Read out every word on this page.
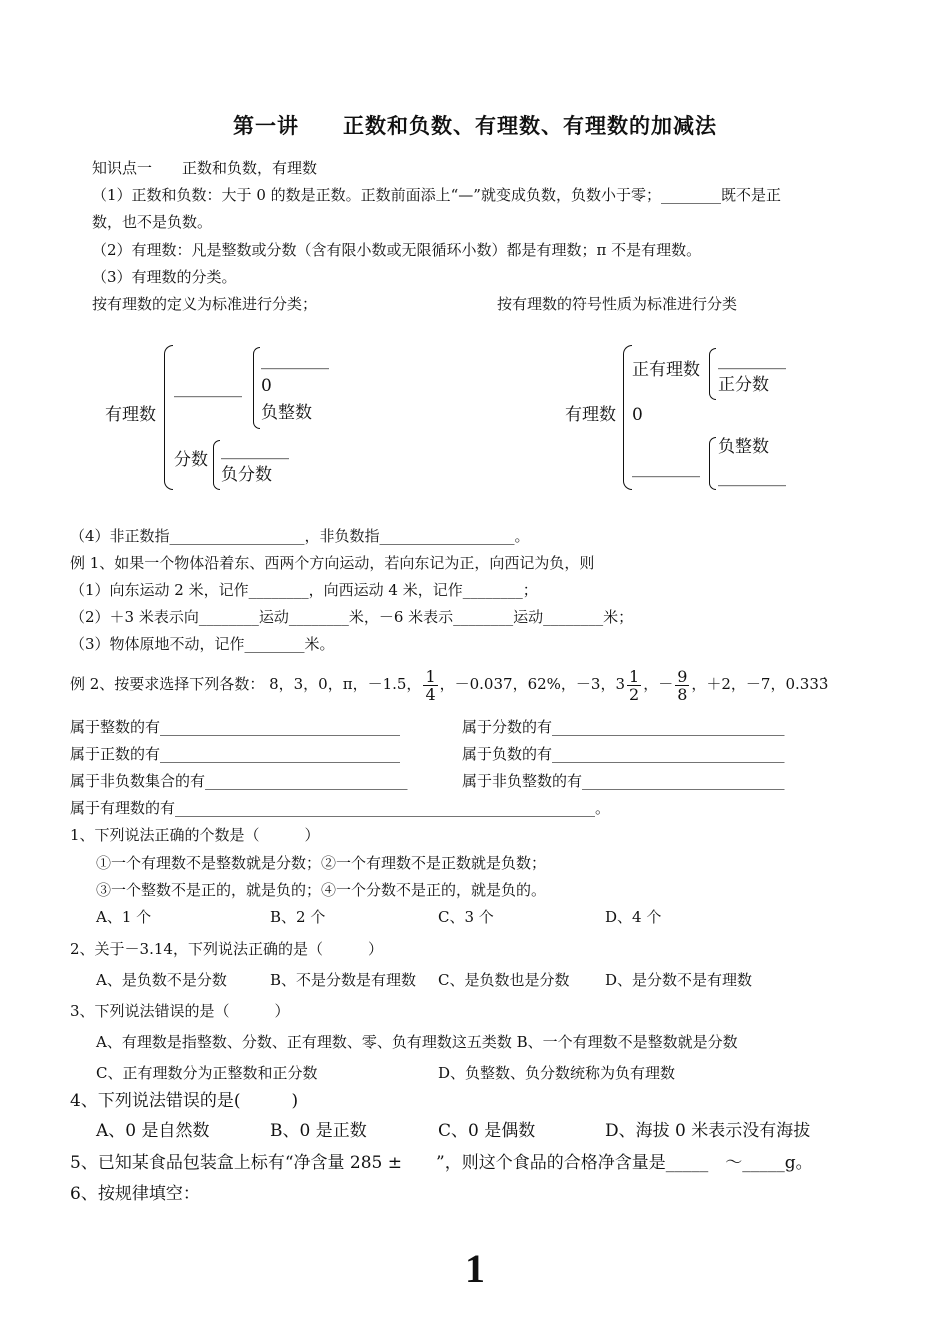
第一讲　　正数和负数、有理数、有理数的加减法
知识点一　　正数和负数，有理数
（1）正数和负数：大于 0 的数是正数。正数前面添上“—”就变成负数，负数小于零；________既不是正
数，也不是负数。
（2）有理数：凡是整数或分数（含有限小数或无限循环小数）都是有理数；π 不是有理数。
（3）有理数的分类。
按有理数的定义为标准进行分类；	按有理数的符号性质为标准进行分类
有理数
________
________
0
负整数
分数 ________
负分数
有理数
正有理数 ________
正分数
0
________
负整数
________
（4）非正数指__________________，非负数指__________________。
例 1、如果一个物体沿着东、西两个方向运动，若向东记为正，向西记为负，则
（1）向东运动 2 米，记作________，向西运动 4 米，记作________；
（2）＋3 米表示向________运动________米，－6 米表示________运动________米；
（3）物体原地不动，记作________米。
例 2、按要求选择下列各数： 8，3，0，π，－1.5， $\frac{1}{4}$ ，－0.037，62%，－3，$3 \frac{1}{2}$ ，－ $\frac{9}{8}$ ，＋2，－7，0.333̇
属于整数的有________________________________	属于分数的有_______________________________
属于正数的有________________________________	属于负数的有_______________________________
属于非负数集合的有___________________________	属于非负整数的有___________________________
属于有理数的有________________________________________________________。
1、下列说法正确的个数是（　　　）
①一个有理数不是整数就是分数；②一个有理数不是正数就是负数；
③一个整数不是正的，就是负的；④一个分数不是正的，就是负的。
A、1 个	B、2 个	C、3 个	D、4 个
2、关于－3.14，下列说法正确的是（　　　）
A、是负数不是分数	B、不是分数是有理数 C、是负数也是分数 D、是分数不是有理数
3、下列说法错误的是（　　　）
A、有理数是指整数、分数、正有理数、零、负有理数这五类数 B、一个有理数不是整数就是分数
C、正有理数分为正整数和正分数	D、负整数、负分数统称为负有理数
4、下列说法错误的是(　　　)
A、0 是自然数	B、0 是正数	C、0 是偶数	D、海拔 0 米表示没有海拔
5、已知某食品包装盒上标有“净含量 285 ±　　”，则这个食品的合格净含量是_____　～_____g。
6、按规律填空：
1
